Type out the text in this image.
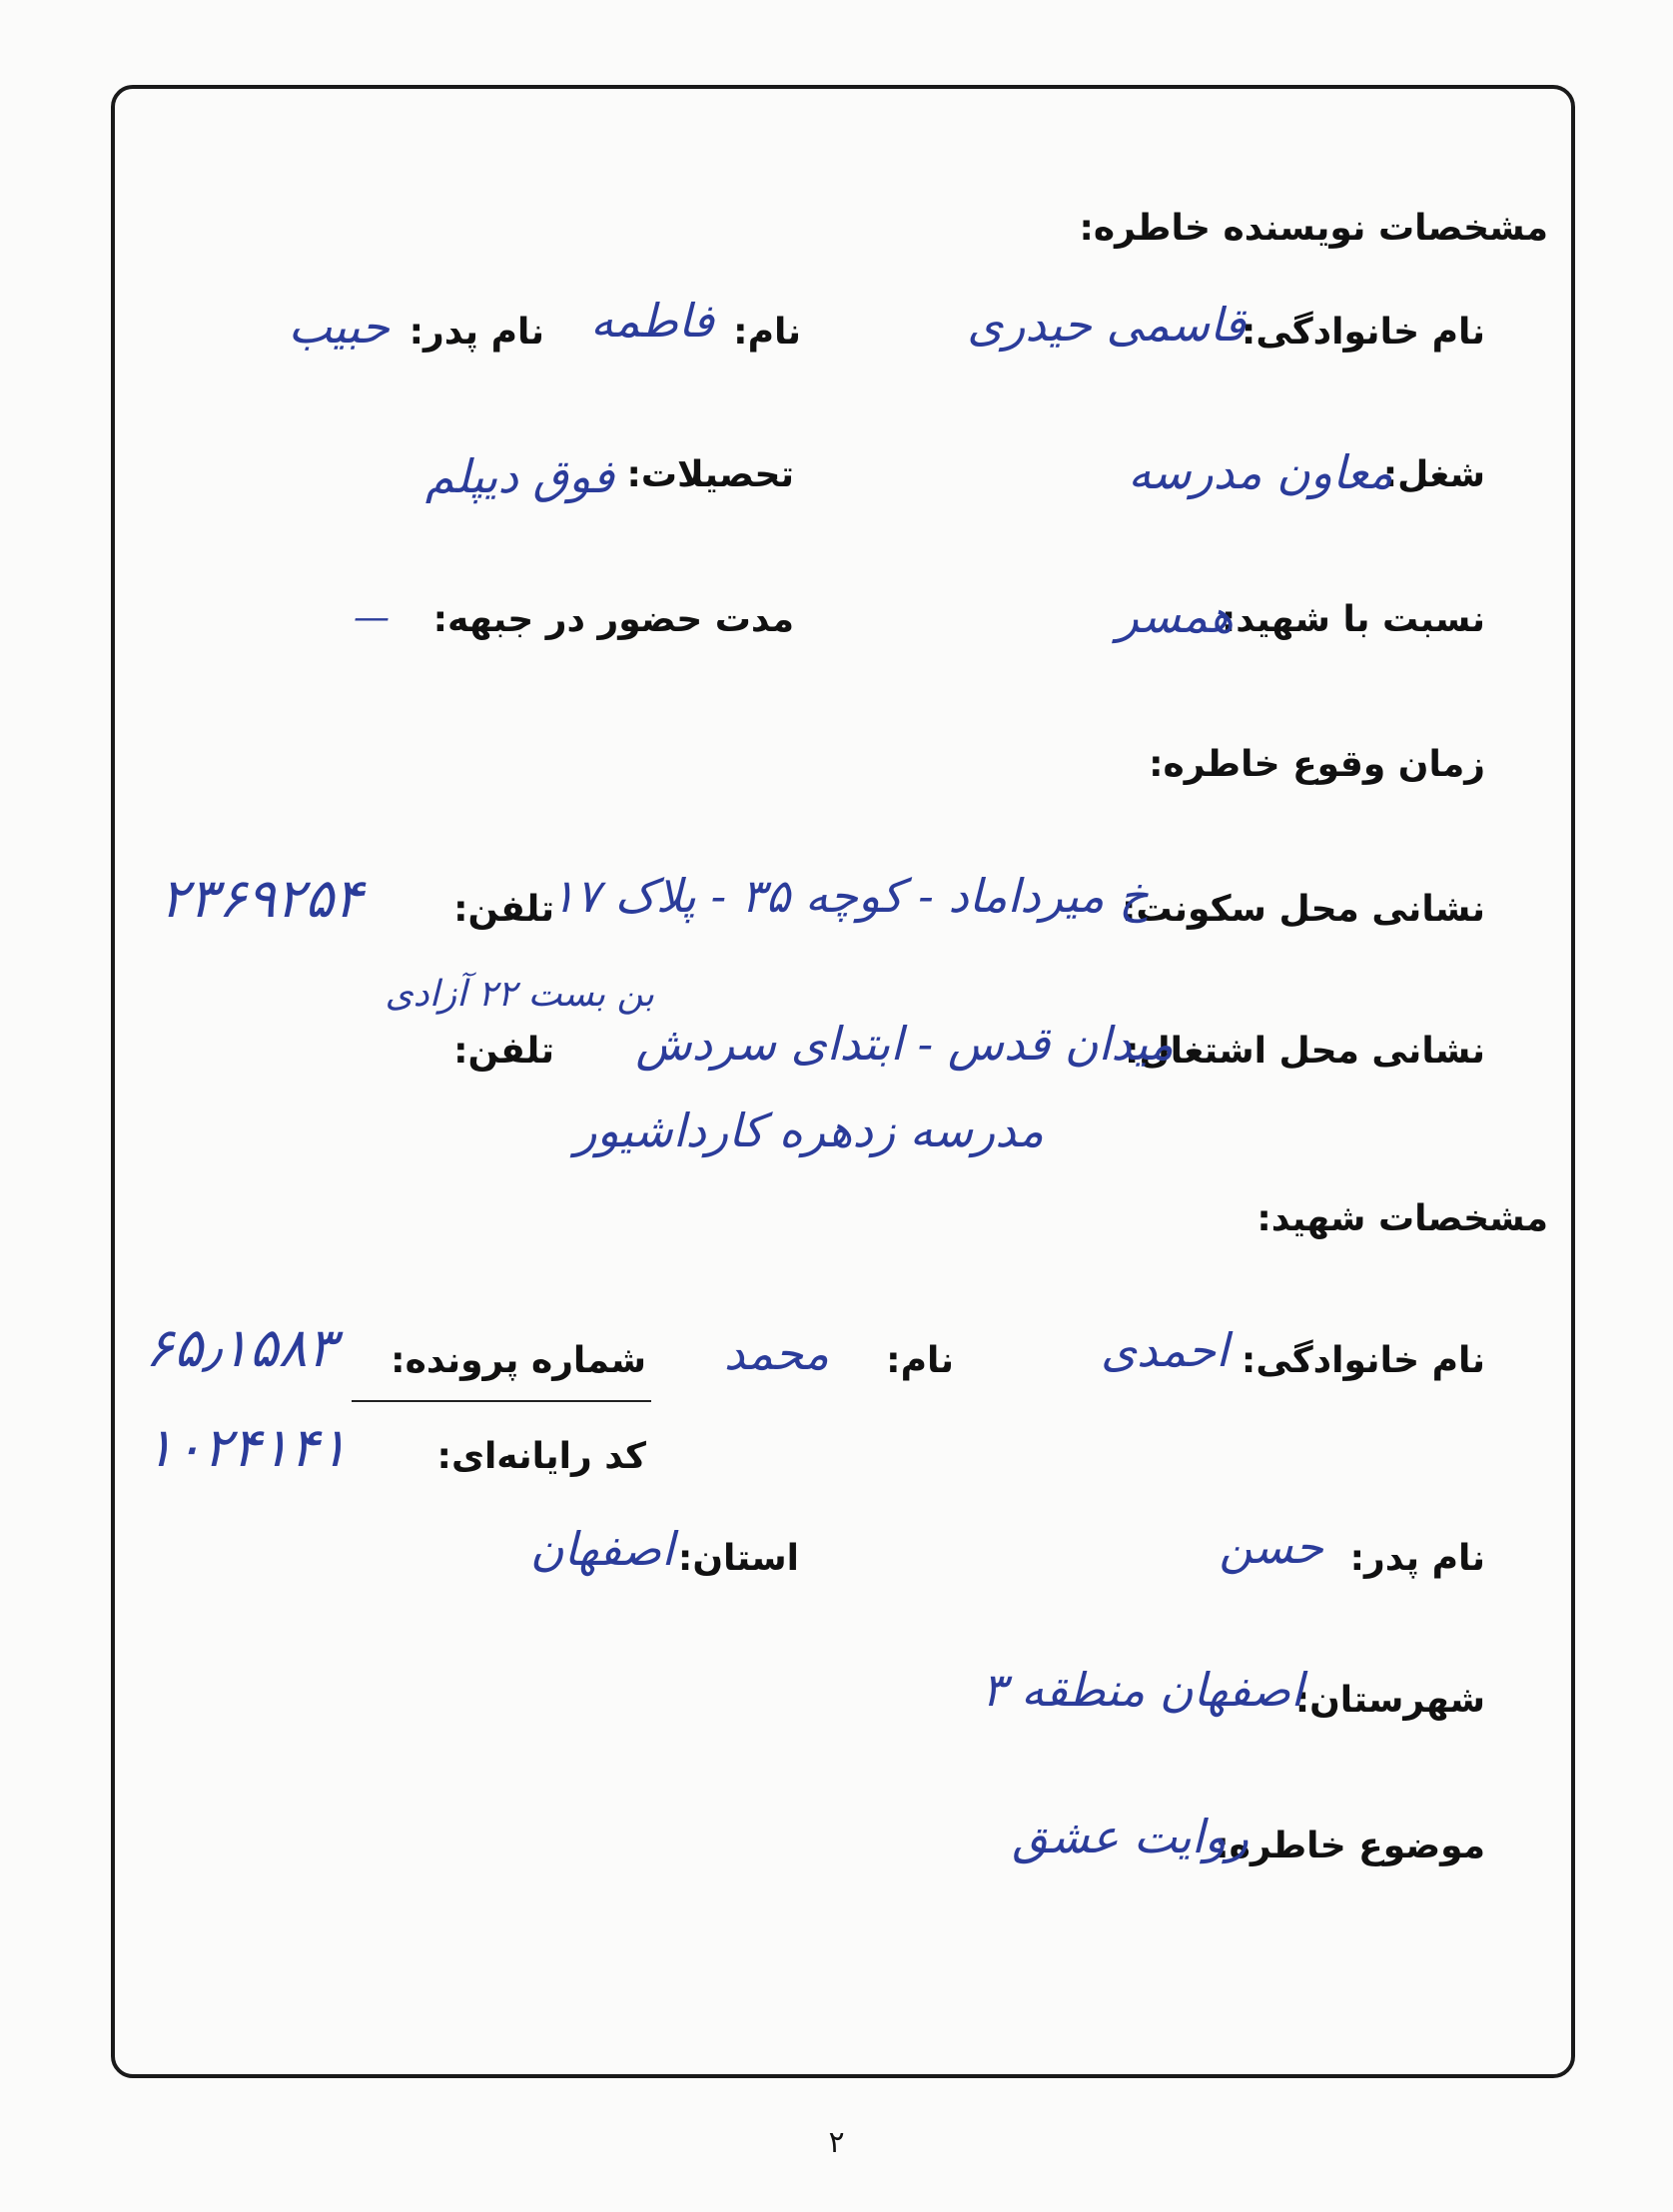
مشخصات نویسنده خاطره:
نام خانوادگی:
قاسمی حیدری
نام:
فاطمه
نام پدر:
حبیب
شغل:
معاون مدرسه
تحصیلات:
فوق دیپلم
نسبت با شهید:
همسر
مدت حضور در جبهه:
—
زمان وقوع خاطره:
نشانی محل سکونت:
خ میرداماد - کوچه ۳۵ - پلاک ۱۷
تلفن:
۲۳۶۹۲۵۴
نشانی محل اشتغال:
میدان قدس - ابتدای سردش
بن بست ۲۲ آزادی
مدرسه زدهره کارداشیور
تلفن:
مشخصات شهید:
نام خانوادگی:
احمدی
نام:
محمد
شماره پرونده:
۶۵٫۱۵۸۳
کد رایانه‌ای:
۱۰۲۴۱۴۱
نام پدر:
حسن
استان:
اصفهان
شهرستان:
اصفهان منطقه ۳
موضوع خاطره:
روایت عشق
۲
